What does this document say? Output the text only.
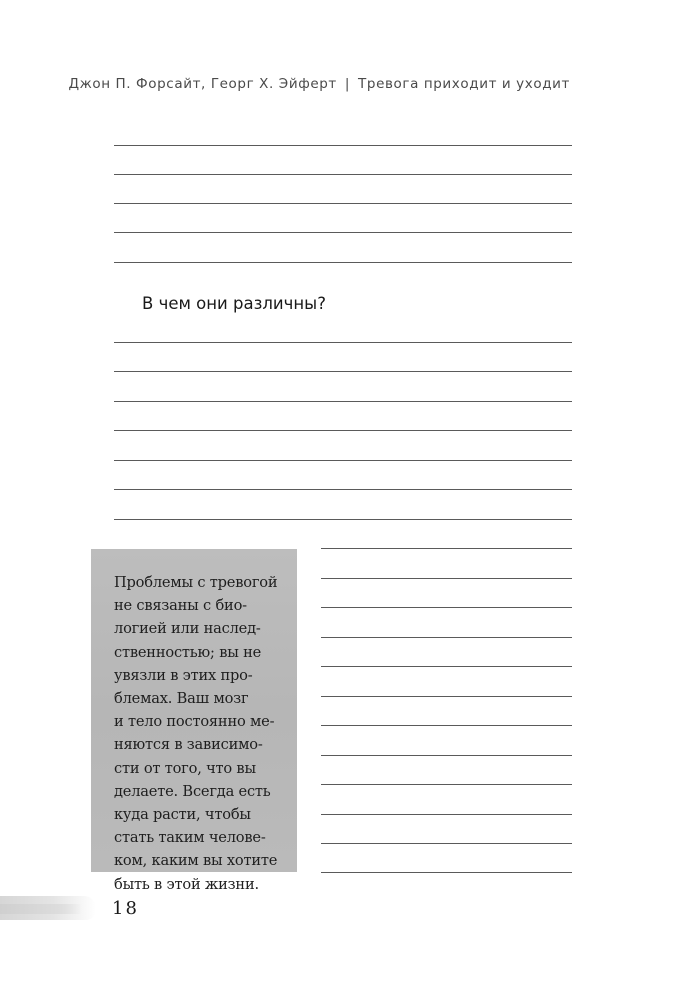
Джон П. Форсайт, Георг Х. Эйферт | Тревога приходит и уходит
В чем они различны?
Проблемы с тревогой
не связаны с био-
логией или наслед-
ственностью; вы не
увязли в этих про-
блемах. Ваш мозг
и тело постоянно ме-
няются в зависимо-
сти от того, что вы
делаете. Всегда есть
куда расти, чтобы
стать таким челове-
ком, каким вы хотите
быть в этой жизни.
18
